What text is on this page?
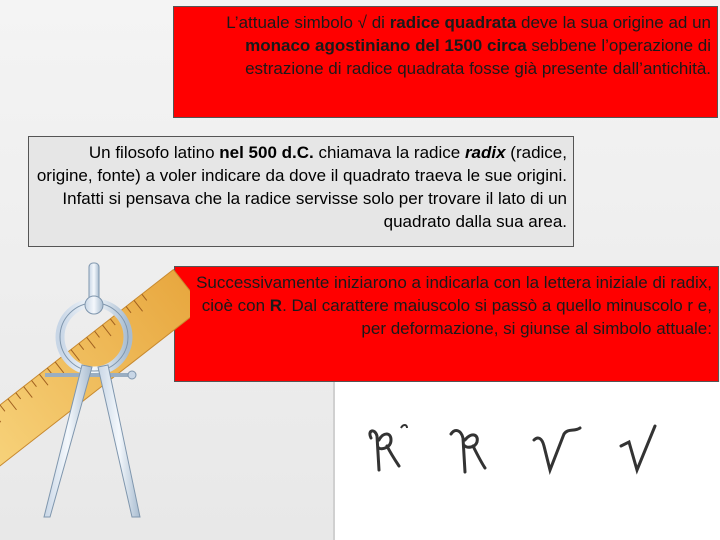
L’attuale simbolo √ di radice quadrata deve la sua origine ad un monaco agostiniano del 1500 circa sebbene l’operazione di estrazione di radice quadrata fosse già presente dall’antichità.
Un filosofo latino nel 500 d.C. chiamava la radice radix (radice, origine, fonte) a voler indicare da dove il quadrato traeva le sue origini. Infatti si pensava che la radice servisse solo per trovare il lato di un quadrato dalla sua area.
Successivamente iniziarono a indicarla con la lettera iniziale di radix, cioè con R. Dal carattere maiuscolo si passò a quello minuscolo r e, per deformazione, si giunse al simbolo attuale:
